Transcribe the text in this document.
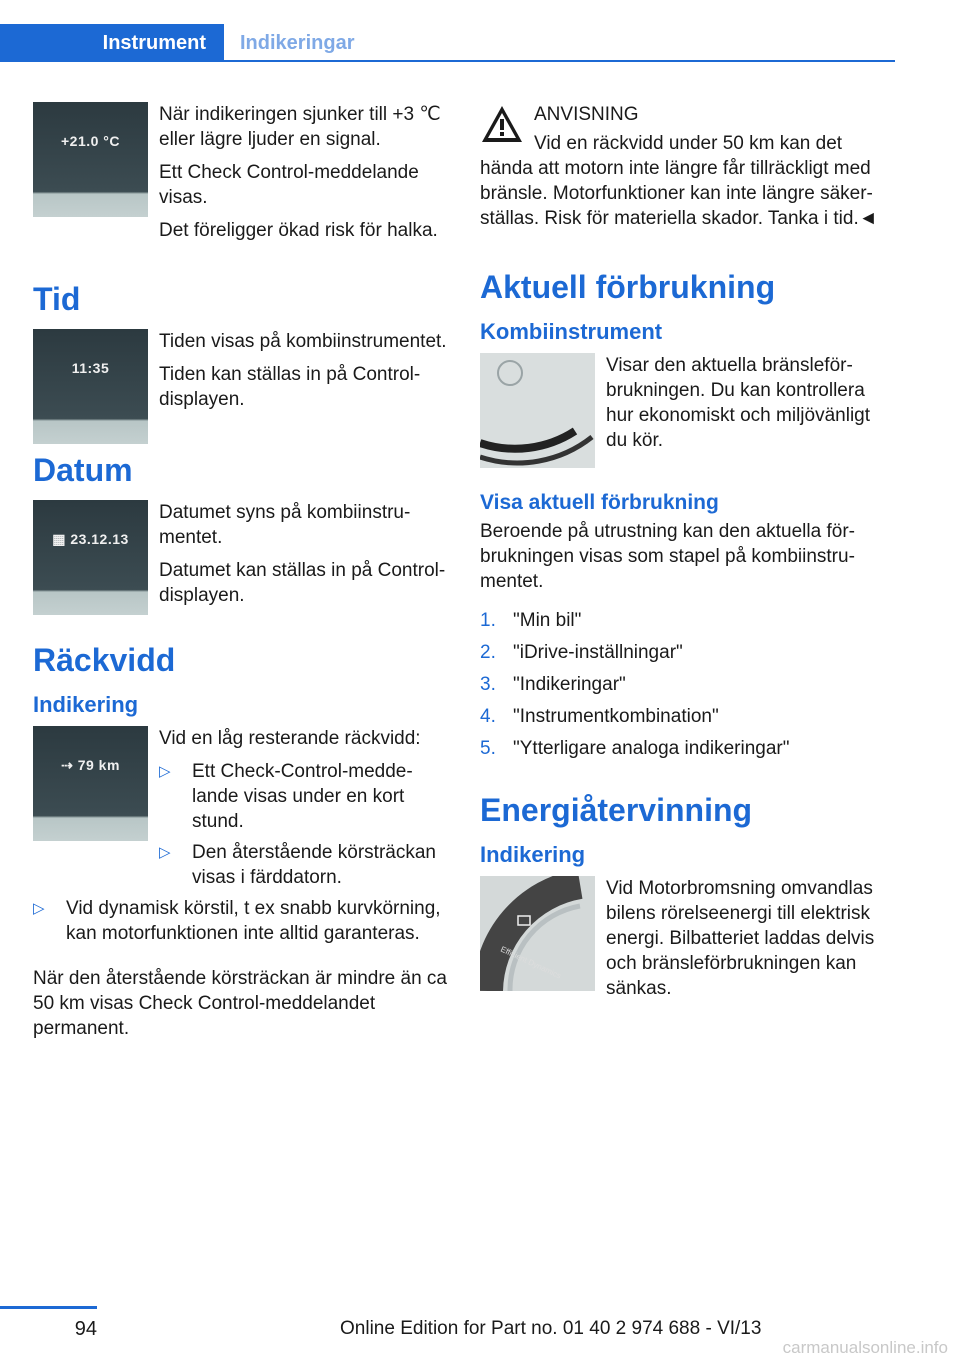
Instrument	Indikeringar
+21.0 °C

När indikeringen sjunker till +3 ℃ eller lägre ljuder en signal.

Ett Check Control-meddelande visas.

Det föreligger ökad risk för halka.

Tid
11:35

Tiden visas på kombiinstrumentet.

Tiden kan ställas in på Control-displayen.

Datum
▦ 23.12.13

Datumet syns på kombiinstrumentet.

Datumet kan ställas in på Control-displayen.

Räckvidd
Indikering
⇢ 79 km

Vid en låg resterande räckvidd:

▷	Ett Check-Control-meddelande visas under en kort stund.
▷	Den återstående körsträckan visas i färddatorn.
▷	Vid dynamisk körstil, t ex snabb kurvkörning, kan motorfunktionen inte alltid garanteras.

När den återstående körsträckan är mindre än ca 50 km visas Check Control-meddelandet permanent.

ANVISNING

Vid en räckvidd under 50 km kan det hända att motorn inte längre får tillräckligt med bränsle. Motorfunktioner kan inte längre säkerställas. Risk för materiella skador. Tanka i tid.◄

Aktuell förbrukning
Kombiinstrument

Visar den aktuella bränsleförbrukningen. Du kan kontrollera hur ekonomiskt och miljövänligt du kör.

Visa aktuell förbrukning

Beroende på utrustning kan den aktuella förbrukningen visas som stapel på kombiinstrumentet.

1. "Min bil"
2. "iDrive-inställningar"
3. "Indikeringar"
4. "Instrumentkombination"
5. "Ytterligare analoga indikeringar"
Energiåtervinning
Indikering
Efficient Dynamics

Vid Motorbromsning omvandlas bilens rörelseenergi till elektrisk energi. Bilbatteriet laddas delvis och bränsleförbrukningen kan sänkas.

94	Online Edition for Part no. 01 40 2 974 688 - VI/13
carmanualsonline.info
